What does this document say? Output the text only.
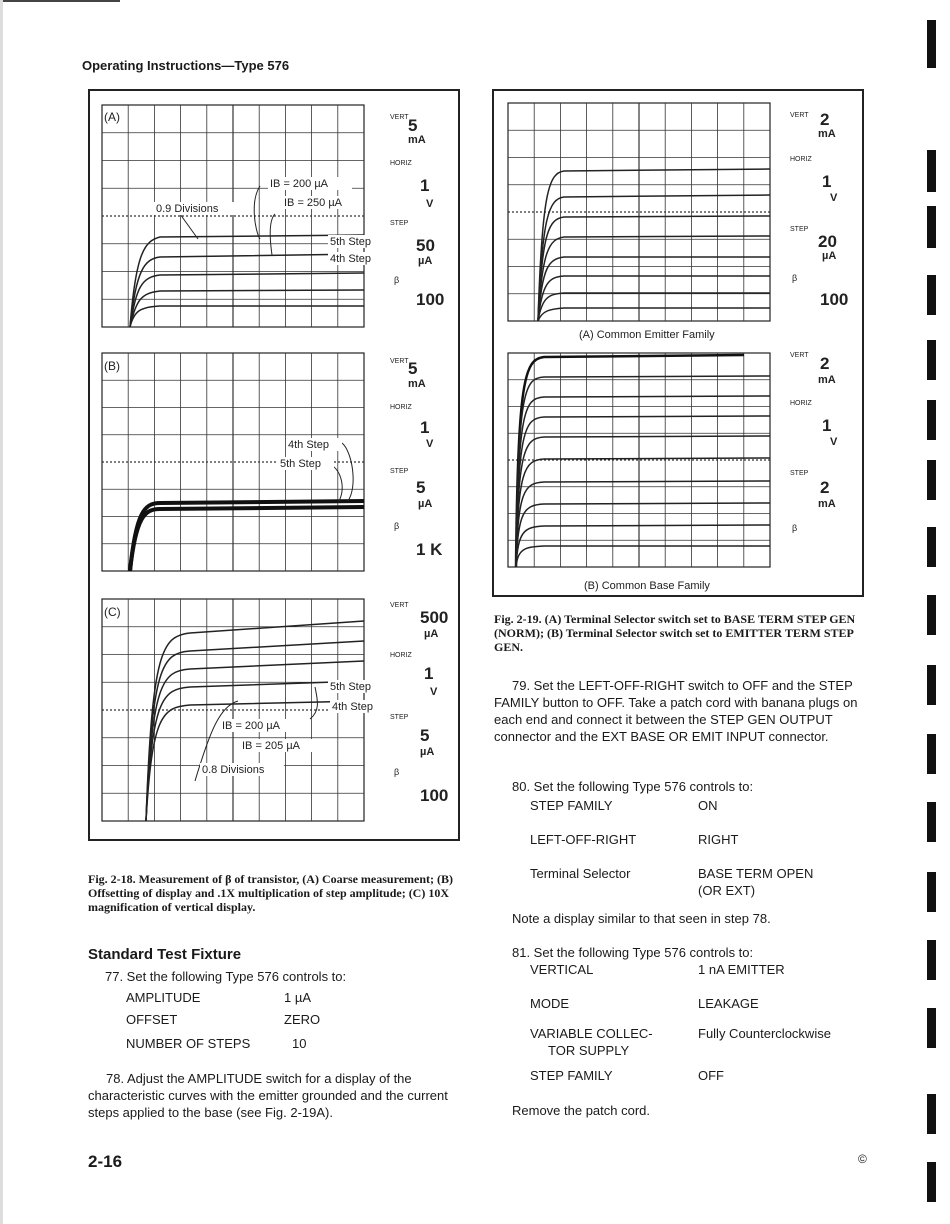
Operating Instructions—Type 576
(A)
0.9 Divisions
IB = 200 µA
IB = 250 µA
5th Step
4th Step
VERT 5
mA
HORIZ
1
V
STEP
50
µA
β
100
(B)
4th Step
5th Step
VERT 5
mA
HORIZ
1
V
STEP
5
µA
β
1 K
(C)
5th Step
4th Step
IB = 200 µA
IB = 205 µA
0.8 Divisions
VERT
500
µA
HORIZ
1
V
STEP
5
µA
β
100
Fig. 2-18. Measurement of β of transistor, (A) Coarse measurement; (B) Offsetting of display and .1X multiplication of step amplitude; (C) 10X magnification of vertical display.
(A) Common Emitter Family
VERT 2
mA
HORIZ
1
V
STEP
20
µA
β
100
(B) Common Base Family
VERT 2
mA
HORIZ
1
V
STEP
2
mA
β
Fig. 2-19. (A) Terminal Selector switch set to BASE TERM STEP GEN (NORM); (B) Terminal Selector switch set to EMITTER TERM STEP GEN.
Standard Test Fixture
77. Set the following Type 576 controls to:
AMPLITUDE	1 µA
OFFSET	ZERO
NUMBER OF STEPS	10
78. Adjust the AMPLITUDE switch for a display of the characteristic curves with the emitter grounded and the current steps applied to the base (see Fig. 2-19A).
79. Set the LEFT-OFF-RIGHT switch to OFF and the STEP FAMILY button to OFF. Take a patch cord with banana plugs on each end and connect it between the STEP GEN OUTPUT connector and the EXT BASE OR EMIT INPUT connector.
80. Set the following Type 576 controls to:
STEP FAMILY	ON
LEFT-OFF-RIGHT	RIGHT
Terminal Selector	BASE TERM OPEN
(OR EXT)
Note a display similar to that seen in step 78.
81. Set the following Type 576 controls to:
VERTICAL	1 nA EMITTER
MODE	LEAKAGE
VARIABLE COLLEC-	Fully Counterclockwise
TOR SUPPLY
STEP FAMILY	OFF
Remove the patch cord.
2-16	©
